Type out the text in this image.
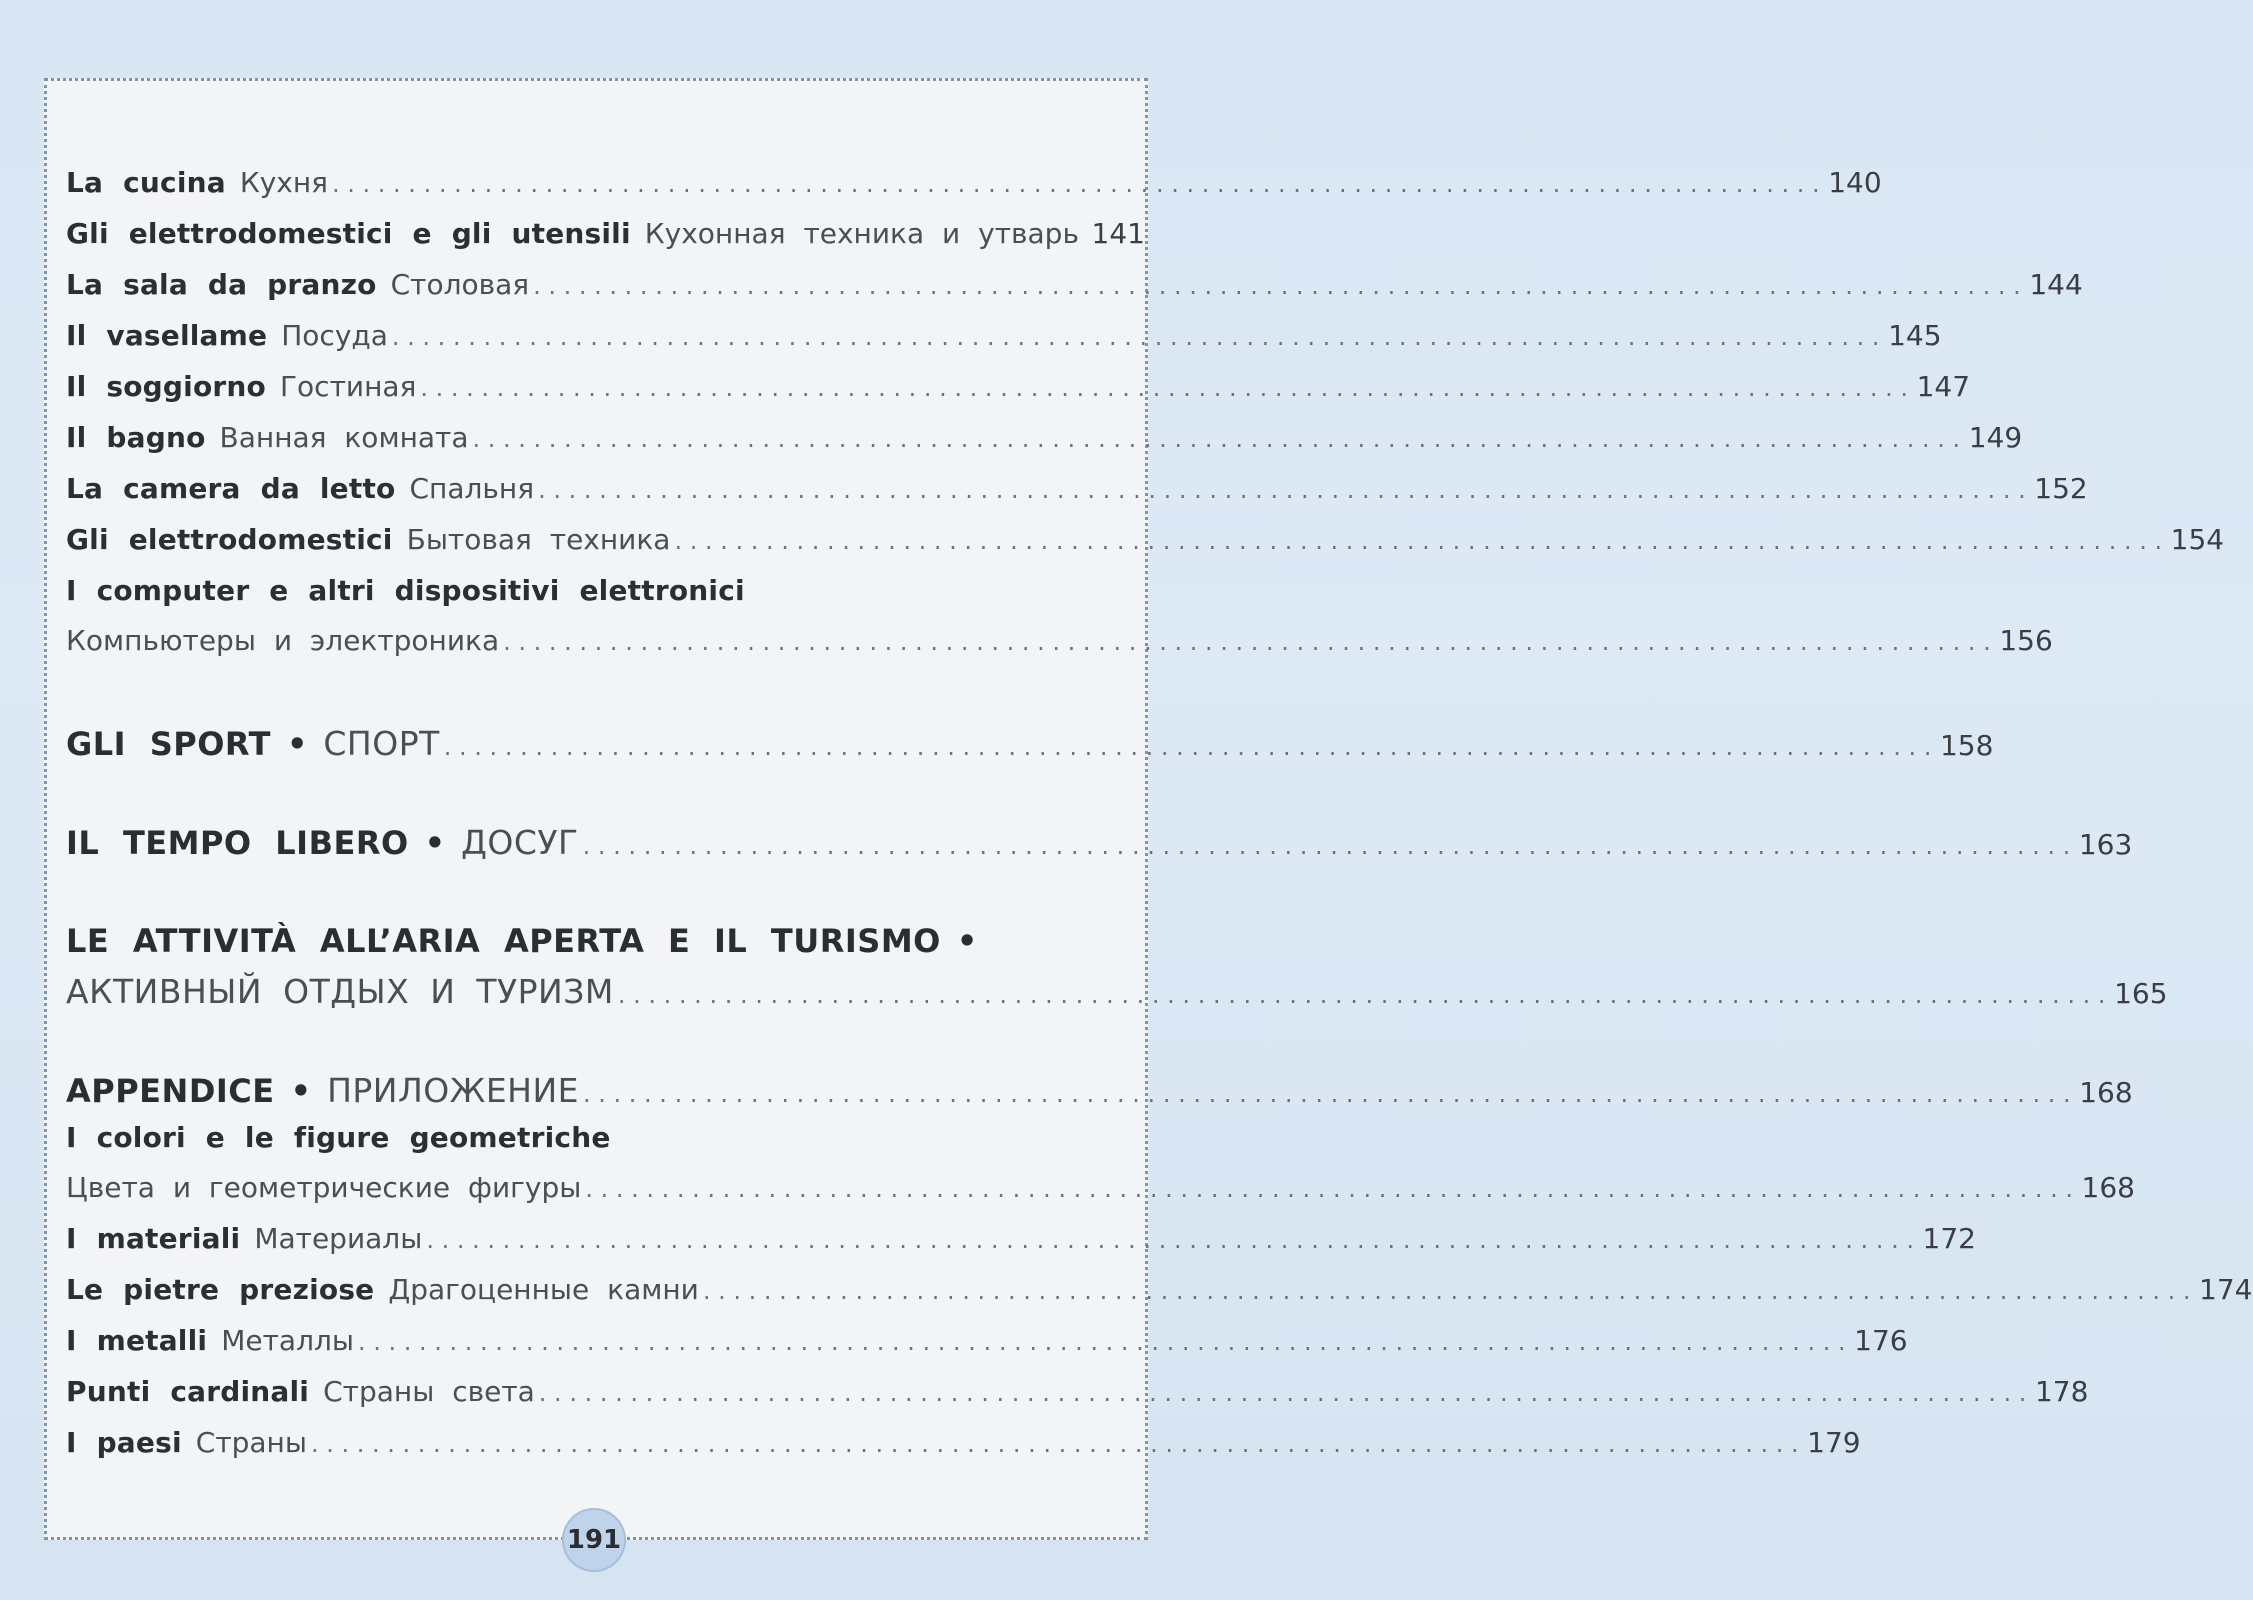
La cucina Кухня . . .	140
Gli elettrodomestici e gli utensili Кухонная техника и утварь 141
La sala da pranzo Столовая . . .	144
Il vasellame Посуда . . .	145
Il soggiorno Гостиная . . .	147
Il bagno Ванная комната . . .	149
La camera da letto Спальня . . .	152
Gli elettrodomestici Бытовая техника . . .	154
I computer e altri dispositivi elettronici
Компьютеры и электроника . . .	156
GLI SPORT • СПОРТ . . .	158
IL TEMPO LIBERO • ДОСУГ . . .	163
LE ATTIVITÀ ALL’ARIA APERTA E IL TURISMO •
АКТИВНЫЙ ОТДЫХ И ТУРИЗМ . . .	165
APPENDICE • ПРИЛОЖЕНИЕ . . .	168
I colori e le figure geometriche
Цвета и геометрические фигуры . . .	168
I materiali Материалы . . .	172
Le pietre preziose Драгоценные камни . . .	174
I metalli Металлы . . .	176
Punti cardinali Страны света . . .	178
I paesi Страны . . .	179
191
